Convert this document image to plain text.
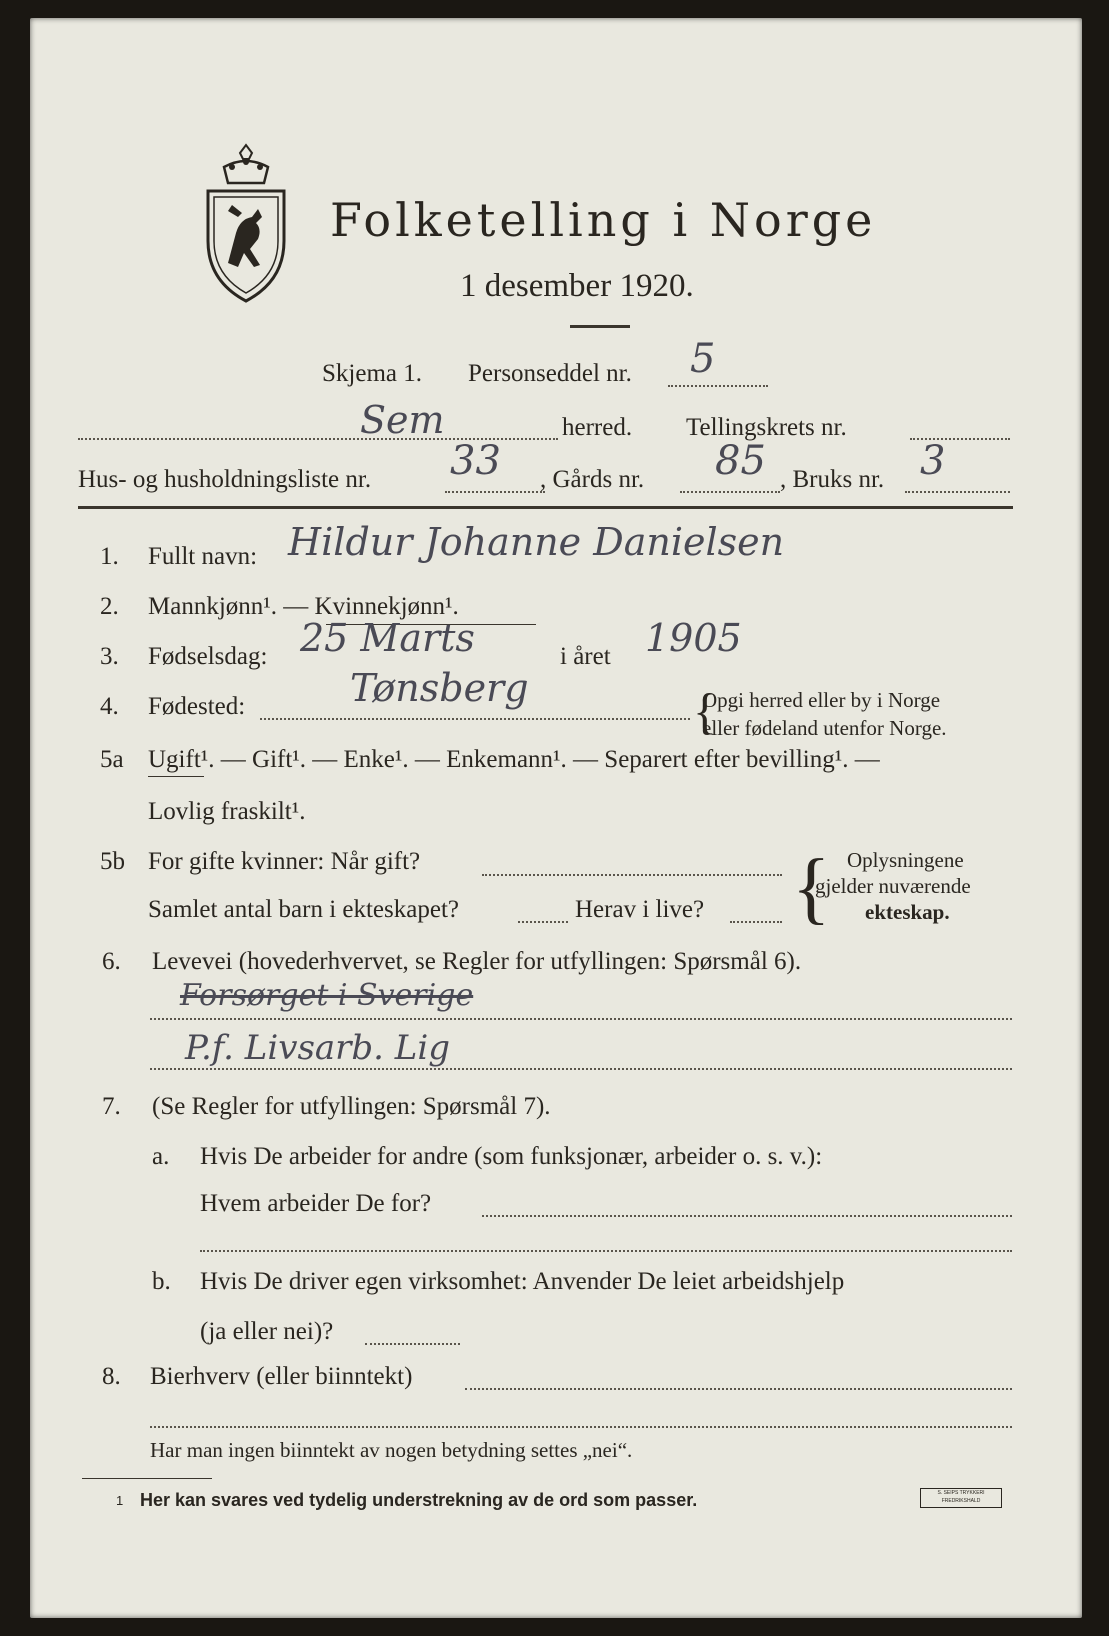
Folketelling i Norge
1 desember 1920.
Skjema 1. Personseddel nr. 5
Sem	herred. Tellingskrets nr.
Hus- og husholdningsliste nr. 33 , Gårds nr. 85 , Bruks nr. 3
1. Fullt navn: Hildur Johanne Danielsen
2. Mannkjønn¹. — Kvinnekjønn¹.
3. Fødselsdag: 25 Marts	i året 1905
4. Fødested:	Tønsberg	Opgi herred eller by i Norge
eller fødeland utenfor Norge.
{
5a Ugift¹. — Gift¹. — Enke¹. — Enkemann¹. — Separert efter bevilling¹. —
Lovlig fraskilt¹.
5b For gifte kvinner: Når gift?
Samlet antal barn i ekteskapet?	Herav i live? { Oplysningene
gjelder nuværende
ekteskap.
6. Levevei (hovederhvervet, se Regler for utfyllingen: Spørsmål 6).
Forsørget i Sverige
P.f. Livsarb. Lig
7. (Se Regler for utfyllingen: Spørsmål 7).
a. Hvis De arbeider for andre (som funksjonær, arbeider o. s. v.):
Hvem arbeider De for?
b. Hvis De driver egen virksomhet: Anvender De leiet arbeidshjelp
(ja eller nei)?
8. Bierhverv (eller biinntekt)
Har man ingen biinntekt av nogen betydning settes „nei“.
1 Her kan svares ved tydelig understrekning av de ord som passer.	S. SEIPS TRYKKERI FREDRIKSHALD
